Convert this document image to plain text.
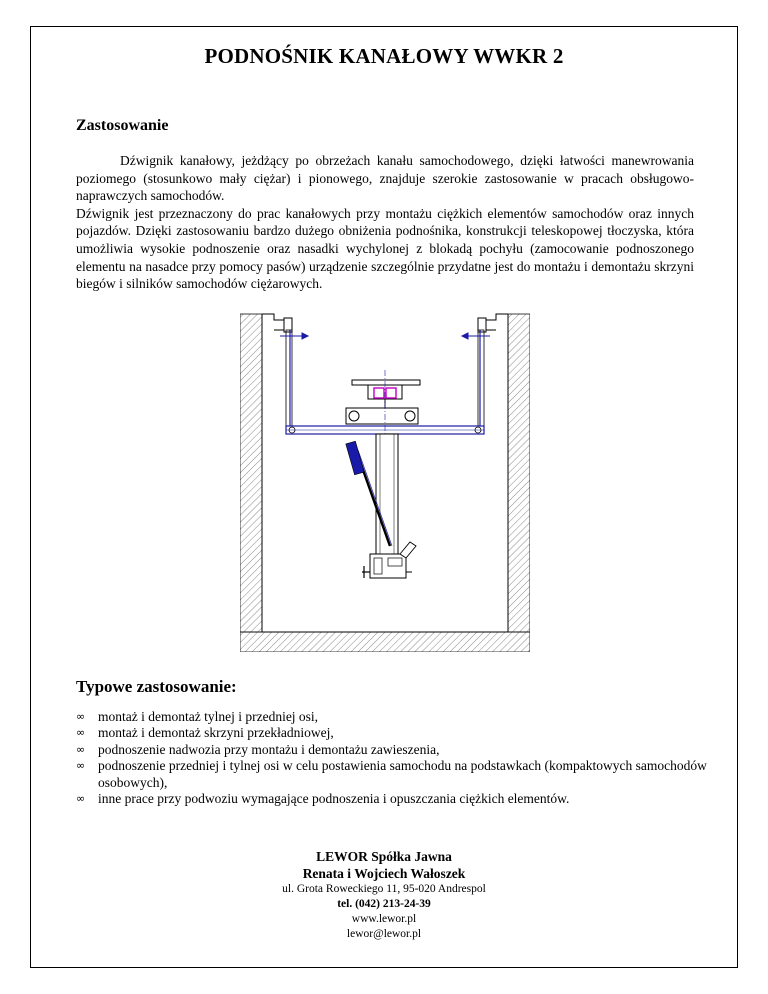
PODNOŚNIK KANAŁOWY WWKR 2
Zastosowanie

Dźwignik kanałowy, jeżdżący po obrzeżach kanału samochodowego, dzięki łatwości manewrowania poziomego (stosunkowo mały ciężar) i pionowego, znajduje szerokie zastosowanie w pracach obsługowo-naprawczych samochodów.

Dźwignik jest przeznaczony do prac kanałowych przy montażu ciężkich elementów samochodów oraz innych pojazdów. Dzięki zastosowaniu bardzo dużego obniżenia podnośnika, konstrukcji teleskopowej tłoczyska, która umożliwia wysokie podnoszenie oraz nasadki wychylonej z blokadą pochyłu (zamocowanie podnoszonego elementu na nasadce przy pomocy pasów) urządzenie szczególnie przydatne jest do montażu i demontażu skrzyni biegów i silników samochodów ciężarowych.

Typowe zastosowanie:
∞ montaż i demontaż tylnej i przedniej osi,
∞ montaż i demontaż skrzyni przekładniowej,
∞ podnoszenie nadwozia przy montażu i demontażu zawieszenia,
∞ podnoszenie przedniej i tylnej osi w celu postawienia samochodu na podstawkach (kompaktowych samochodów osobowych),
∞ inne prace przy podwoziu wymagające podnoszenia i opuszczania ciężkich elementów.
LEWOR Spółka Jawna
Renata i Wojciech Wałoszek
ul. Grota Roweckiego 11, 95-020 Andrespol
tel. (042) 213-24-39
www.lewor.pl
lewor@lewor.pl
